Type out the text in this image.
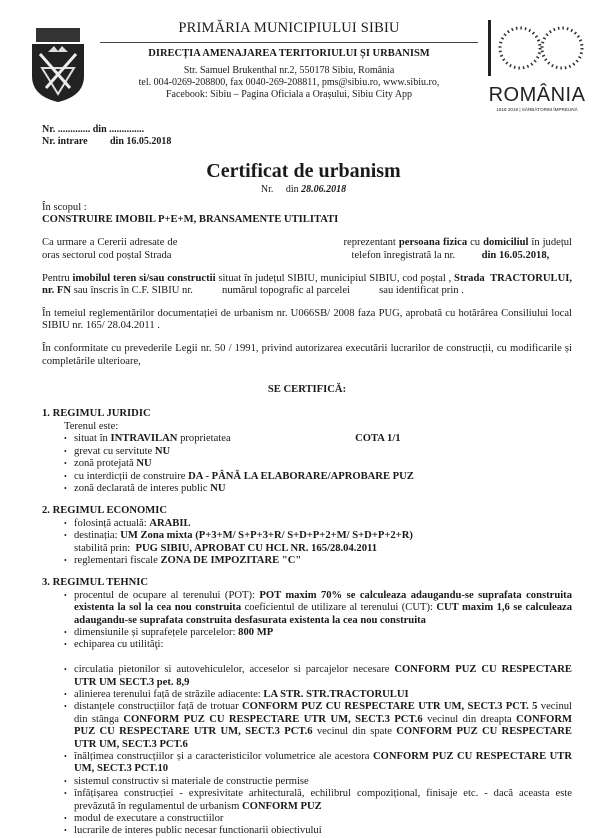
PRIMĂRIA MUNICIPIULUI SIBIU
DIRECȚIA AMENAJAREA TERITORIULUI ȘI URBANISM
Str. Samuel Brukenthal nr.2, 550178 Sibiu, România
tel. 004-0269-208800, fax 0040-269-208811, pms@sibiu.ro, www.sibiu.ro,
Facebook: Sibiu – Pagina Oficiala a Orașului, Sibiu City App	ROMÂNIA
1918 2018 | SĂRBĂTORIM ÎMPREUNĂ
Nr. ............. din ..............
Nr. intrare din 16.05.2018
Certificat de urbanism
Nr. din 28.06.2018

În scopul :

CONSTRUIRE IMOBIL P+E+M, BRANSAMENTE UTILITATI

Ca urmare a Cererii adresate de                                                        reprezentant persoana fizica cu domiciliul în județul            oras sectorul cod poștal Strada                                                                    telefon înregistrată la nr.          din 16.05.2018,

Pentru imobilul teren si/sau constructii situat în județul SIBIU, municipiul SIBIU, cod poștal , Strada  TRACTORULUI, nr. FN sau înscris în C.F. SIBIU nr.           numărul topografic al parcelei           sau identificat prin .

În temeiul reglementărilor documentației de urbanism nr. U066SB/ 2008 faza PUG, aprobată cu hotărârea Consiliului local SIBIU nr. 165/ 28.04.2011 .

În conformitate cu prevederile Legii nr. 50 / 1991, privind autorizarea executării lucrarilor de construcții, cu modificarile și completările ulterioare,

SE CERTIFICĂ:

1. REGIMUL JURIDIC
Terenul este:
• situat în INTRAVILAN proprietatea                                               COTA 1/1
• grevat cu servitute NU
• zonă protejată NU
• cu interdicții de construire DA - PÂNĂ LA ELABORARE/APROBARE PUZ
• zonă declarată de interes public NU
2. REGIMUL ECONOMIC
• folosință actuală: ARABIL
• destinația: UM Zona mixta (P+3+M/ S+P+3+R/ S+D+P+2+M/ S+D+P+2+R)
stabilită prin:  PUG SIBIU, APROBAT CU HCL NR. 165/28.04.2011
• reglementari fiscale ZONA DE IMPOZITARE "C"
3. REGIMUL TEHNIC
• procentul de ocupare al terenului (POT): POT maxim 70% se calculeaza adaugandu-se suprafata construita existenta la sol la cea nou construita coeficientul de utilizare al terenului (CUT): CUT maxim 1,6 se calculeaza adaugandu-se suprafata construita desfasurata existenta la cea nou construita
• dimensiunile și suprafețele parcelelor: 800 MP
• echiparea cu utilităţi:

• circulatia pietonilor si autovehiculelor, acceselor si parcajelor necesare CONFORM PUZ CU RESPECTARE UTR UM SECT.3 pet. 8,9
• alinierea terenului față de străzile adiacente: LA STR. STR.TRACTORULUI
• distanțele construcțiilor față de trotuar CONFORM PUZ CU RESPECTARE UTR UM, SECT.3 PCT. 5 vecinul din stânga CONFORM PUZ CU RESPECTARE UTR UM, SECT.3 PCT.6 vecinul din dreapta CONFORM PUZ CU RESPECTARE UTR UM, SECT.3 PCT.6 vecinul din spate CONFORM PUZ CU RESPECTARE UTR UM, SECT.3 PCT.6
• înălțimea construcțiilor și a caracteristicilor volumetrice ale acestora CONFORM PUZ CU RESPECTARE UTR UM, SECT.3 PCT.10
• sistemul constructiv si materiale de constructie permise
• înfățișarea construcției - expresivitate arhitecturală, echilibrul compozițional, finisaje etc. - dacă aceasta este prevăzută în regulamentul de urbanism CONFORM PUZ
• modul de executare a constructiilor
• lucrarile de interes public necesar functionarii obiectivului
